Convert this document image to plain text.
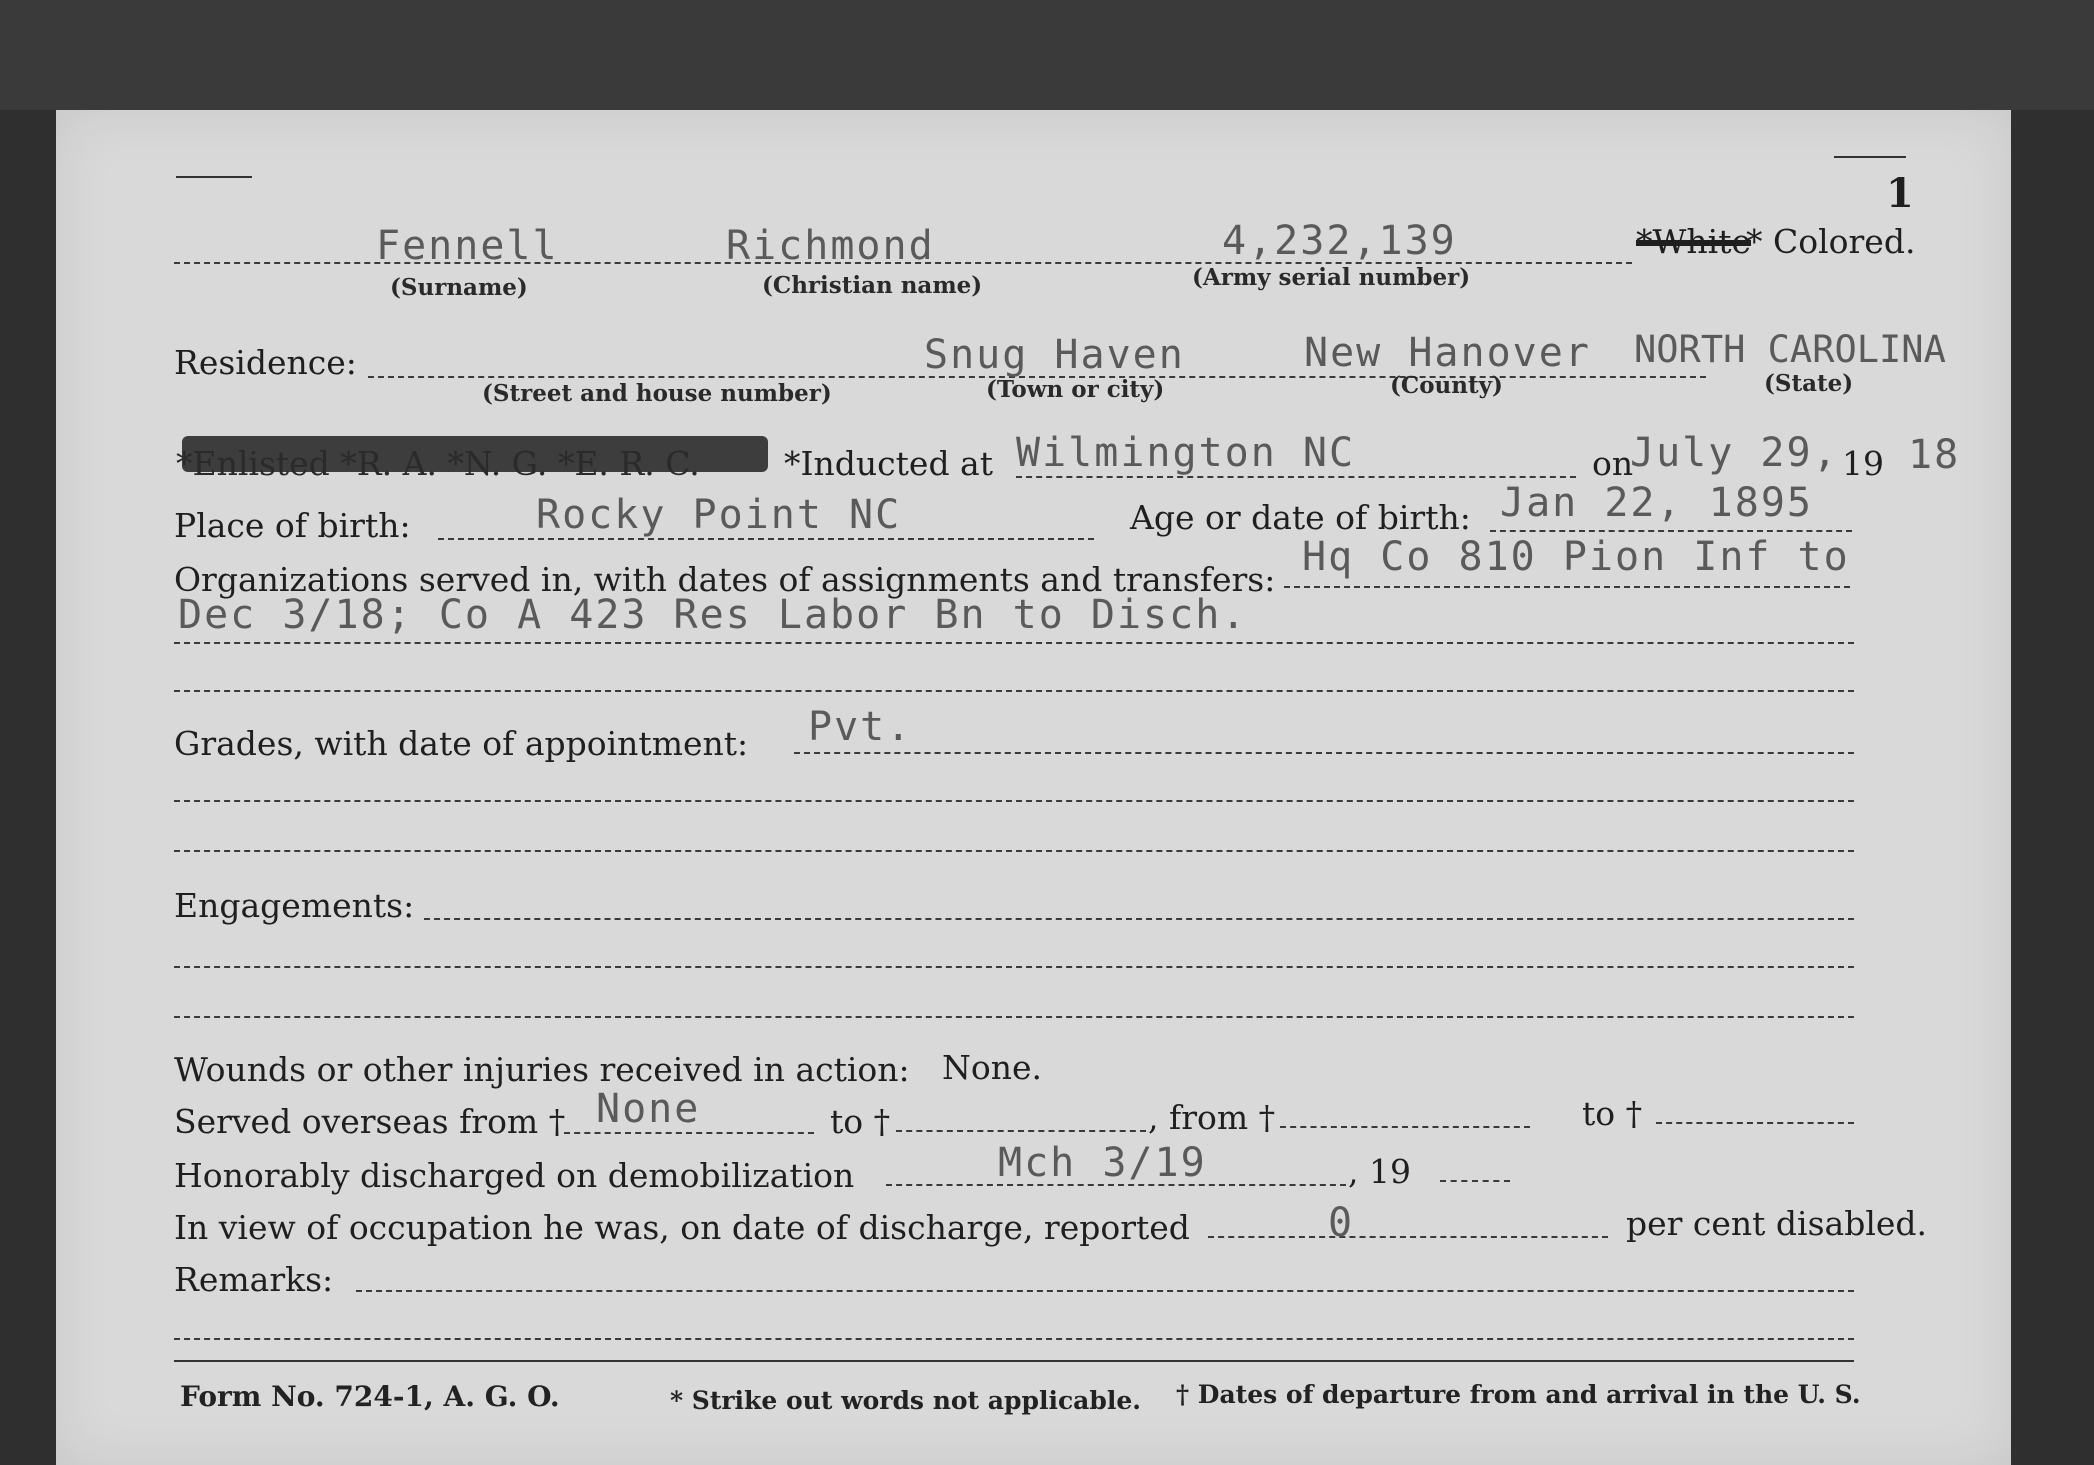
1
Fennell
(Surname)
Richmond
(Christian name)
4,232,139
(Army serial number)
*White
* Colored.
Residence:
(Street and house number)
Snug Haven
(Town or city)
New Hanover
(County)
NORTH CAROLINA
(State)
*Enlisted *R. A. *N. G. *E. R. C.	*Inducted at Wilmington NC	on
July 29, 19 18
Place of birth:	Rocky Point NC	Age or date of birth: Jan 22, 1895
Organizations served in, with dates of assignments and transfers: Hq Co 810 Pion Inf to
Dec 3/18; Co A 423 Res Labor Bn to Disch.
Grades, with date of appointment: Pvt.
Engagements:
Wounds or other injuries received in action: None.
Served overseas from † None	to †	, from †	to †
Honorably discharged on demobilization	Mch 3/19	, 19
In view of occupation he was, on date of discharge, reported	0	per cent disabled.
Remarks:
Form No. 724-1, A. G. O.	* Strike out words not applicable. † Dates of departure from and arrival in the U. S.
